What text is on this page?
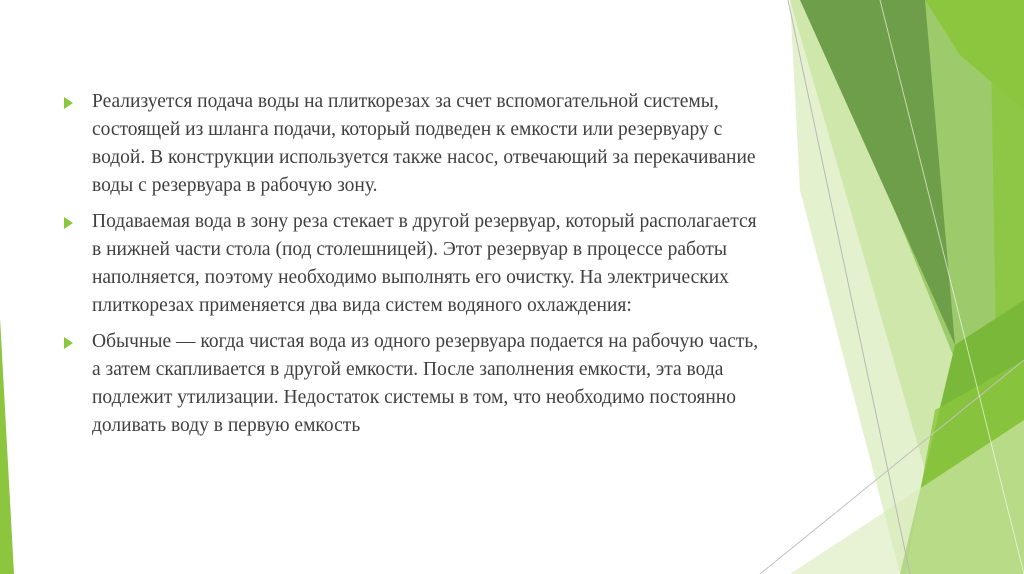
Реализуется подача воды на плиткорезах за счет вспомогательной системы, состоящей из шланга подачи, который подведен к емкости или резервуару с водой. В конструкции используется также насос, отвечающий за перекачивание воды с резервуара в рабочую зону.
Подаваемая вода в зону реза стекает в другой резервуар, который располагается в нижней части стола (под столешницей). Этот резервуар в процессе работы наполняется, поэтому необходимо выполнять его очистку. На электрических плиткорезах применяется два вида систем водяного охлаждения:
Обычные — когда чистая вода из одного резервуара подается на рабочую часть, а затем скапливается в другой емкости. После заполнения емкости, эта вода подлежит утилизации. Недостаток системы в том, что необходимо постоянно доливать воду в первую емкость
